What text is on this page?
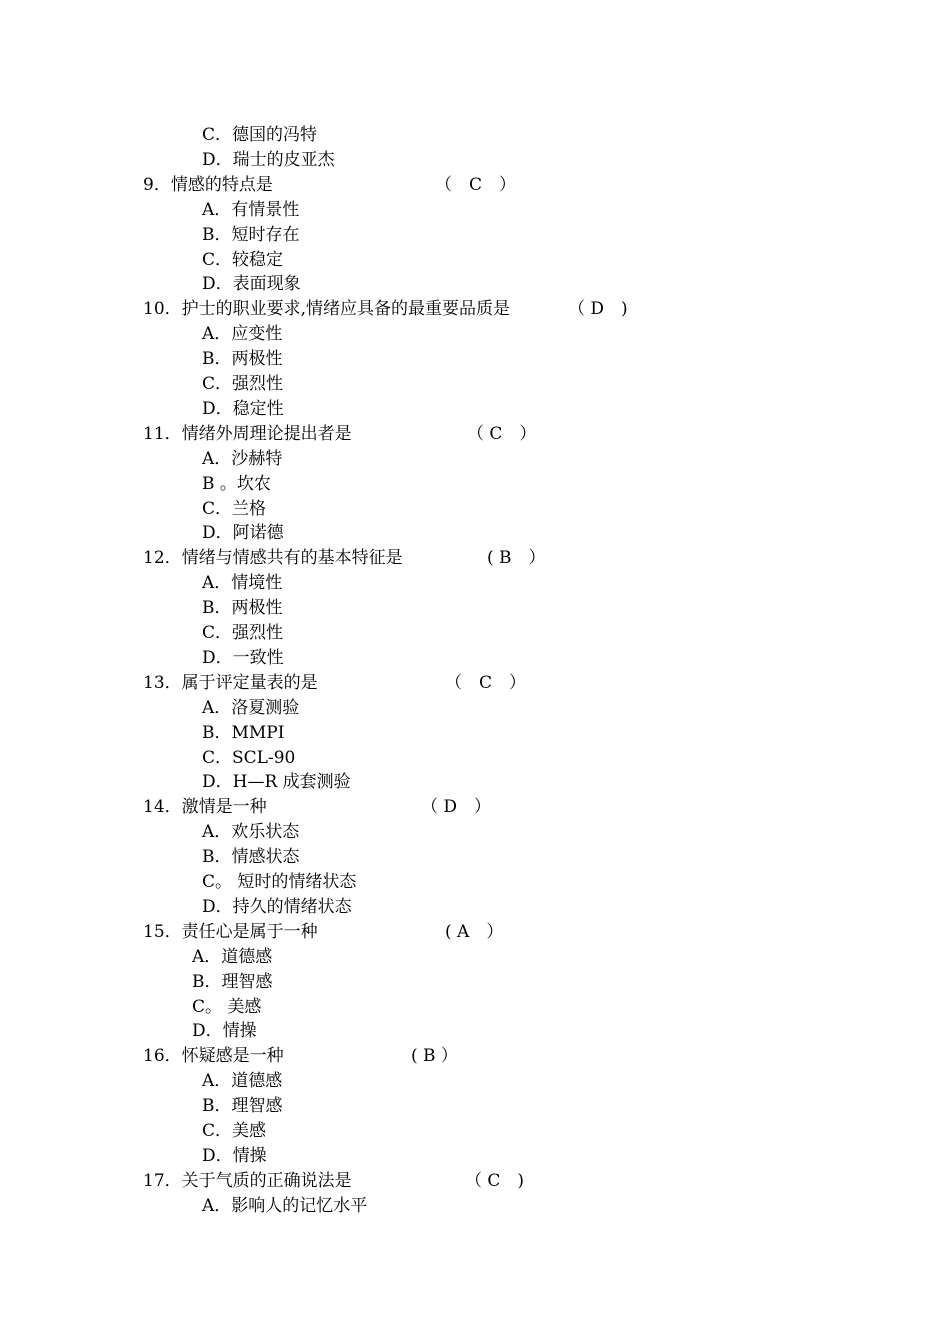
C．德国的冯特
D．瑞士的皮亚杰
9．情感的特点是	（　C　）
A．有情景性
B．短时存在
C．较稳定
D．表面现象
10．护士的职业要求,情绪应具备的最重要品质是	（ D　)
A．应变性
B．两极性
C．强烈性
D．稳定性
11．情绪外周理论提出者是	（ C　）
A．沙赫特
B 。坎农
C．兰格
D．阿诺德
12．情绪与情感共有的基本特征是	( B　）
A．情境性
B．两极性
C．强烈性
D．一致性
13．属于评定量表的是	（　C　）
A．洛夏测验
B．MMPI
C．SCL-90
D．H—R 成套测验
14．激情是一种	（ D　）
A．欢乐状态
B．情感状态
C。 短时的情绪状态
D．持久的情绪状态
15．责任心是属于一种	( A　）
A．道德感
B．理智感
C。 美感
D．情操
16．怀疑感是一种	( B ）
A．道德感
B．理智感
C．美感
D．情操
17．关于气质的正确说法是	（ C　)
A．影响人的记忆水平
